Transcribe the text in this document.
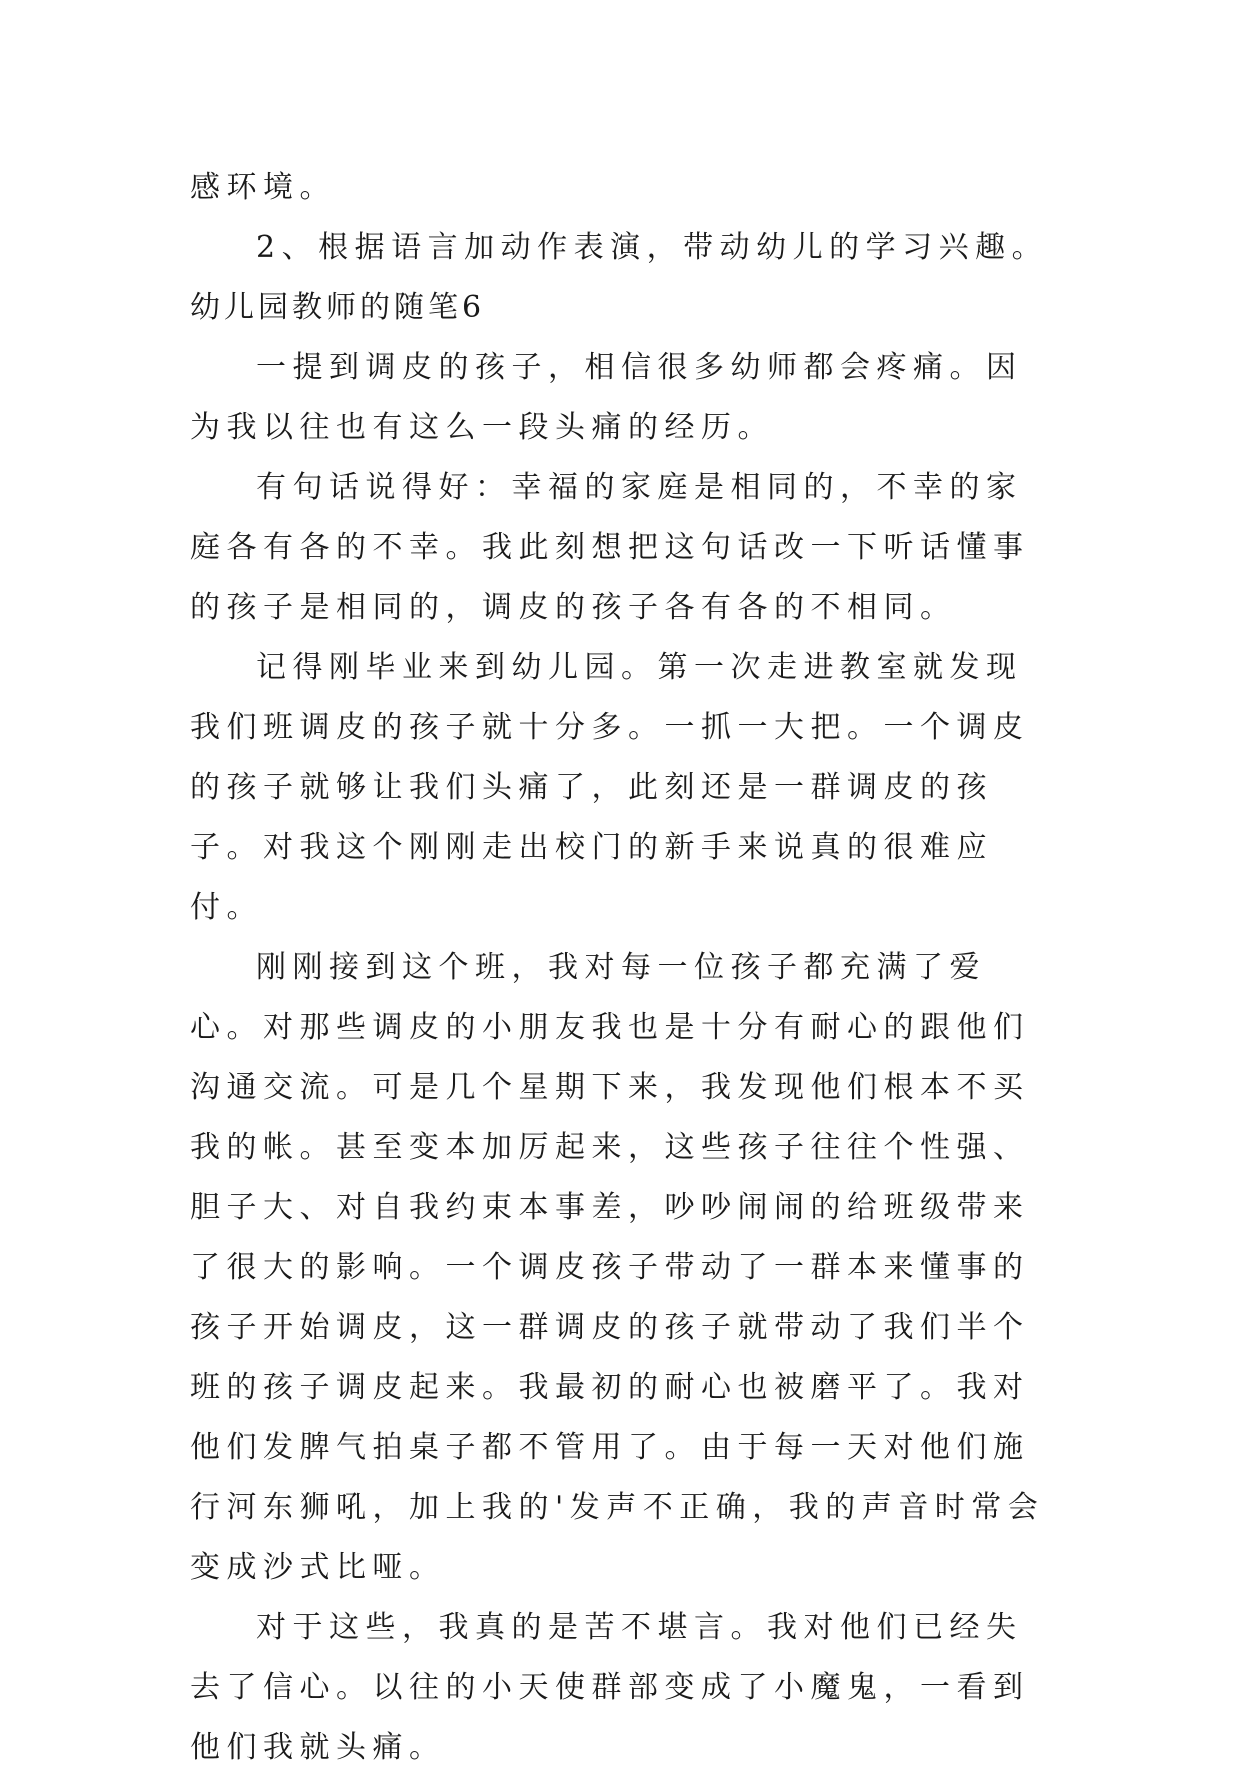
感环境。

2、根据语言加动作表演，带动幼儿的学习兴趣。

幼儿园教师的随笔6

一提到调皮的孩子，相信很多幼师都会疼痛。因为我以往也有这么一段头痛的经历。

有句话说得好：幸福的家庭是相同的，不幸的家庭各有各的不幸。我此刻想把这句话改一下听话懂事的孩子是相同的，调皮的孩子各有各的不相同。

记得刚毕业来到幼儿园。第一次走进教室就发现我们班调皮的孩子就十分多。一抓一大把。一个调皮的孩子就够让我们头痛了，此刻还是一群调皮的孩子。对我这个刚刚走出校门的新手来说真的很难应付。

刚刚接到这个班，我对每一位孩子都充满了爱心。对那些调皮的小朋友我也是十分有耐心的跟他们沟通交流。可是几个星期下来，我发现他们根本不买我的帐。甚至变本加厉起来，这些孩子往往个性强、胆子大、对自我约束本事差，吵吵闹闹的给班级带来了很大的影响。一个调皮孩子带动了一群本来懂事的孩子开始调皮，这一群调皮的孩子就带动了我们半个班的孩子调皮起来。我最初的耐心也被磨平了。我对他们发脾气拍桌子都不管用了。由于每一天对他们施行河东狮吼，加上我的'发声不正确，我的声音时常会变成沙式比哑。

对于这些，我真的是苦不堪言。我对他们已经失去了信心。以往的小天使群部变成了小魔鬼，一看到他们我就头痛。
